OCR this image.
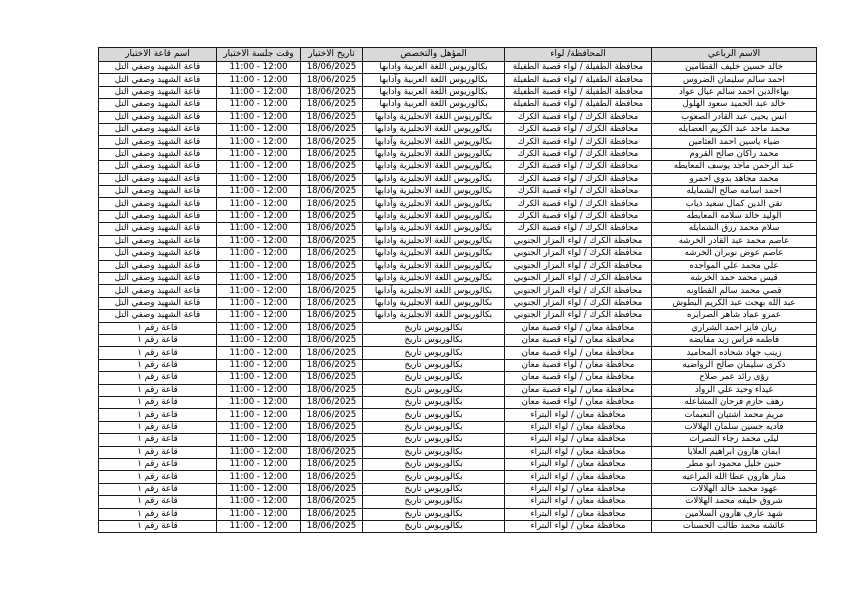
الاسم الرباعي	المحافظة/ لواء	المؤهل والتخصص	تاريخ الاختبار	وقت جلسة الاختبار	اسم قاعة الاختبار
خالد حسين خليف القطامين	محافظة الطفيلة / لواء قصبة الطفيلة	بكالوريوس اللغة العربية وآدابها	18/06/2025	11:00 - 12:00	قاعة الشهيد وصفي التل
احمد سالم سليمان الضروس	محافظة الطفيلة / لواء قصبة الطفيلة	بكالوريوس اللغة العربية وآدابها	18/06/2025	11:00 - 12:00	قاعة الشهيد وصفي التل
بهاءالدين احمد سالم عبال عواد	محافظة الطفيلة / لواء قصبة الطفيلة	بكالوريوس اللغة العربية وآدابها	18/06/2025	11:00 - 12:00	قاعة الشهيد وصفي التل
خالد عبد الحميد سعود الهلول	محافظة الطفيلة / لواء قصبة الطفيلة	بكالوريوس اللغة العربية وآدابها	18/06/2025	11:00 - 12:00	قاعة الشهيد وصفي التل
انس يحيى عبد القادر الصعوب	محافظة الكرك / لواء قصبة الكرك	بكالوريوس اللغة الانجليزية وآدابها	18/06/2025	11:00 - 12:00	قاعة الشهيد وصفي التل
محمد ماجد عبد الكريم العضايله	محافظة الكرك / لواء قصبة الكرك	بكالوريوس اللغة الانجليزية وآدابها	18/06/2025	11:00 - 12:00	قاعة الشهيد وصفي التل
ضياء ياسين احمد العثامين	محافظة الكرك / لواء قصبة الكرك	بكالوريوس اللغة الانجليزية وآدابها	18/06/2025	11:00 - 12:00	قاعة الشهيد وصفي التل
محمد راكان صالح القروم	محافظة الكرك / لواء قصبة الكرك	بكالوريوس اللغة الانجليزية وآدابها	18/06/2025	11:00 - 12:00	قاعة الشهيد وصفي التل
عبد الرحمن ماجد يوسف المعايطه	محافظة الكرك / لواء قصبة الكرك	بكالوريوس اللغة الانجليزية وآدابها	18/06/2025	11:00 - 12:00	قاعة الشهيد وصفي التل
محمد مجاهد بدوي احمرو	محافظة الكرك / لواء قصبة الكرك	بكالوريوس اللغة الانجليزية وآدابها	18/06/2025	11:00 - 12:00	قاعة الشهيد وصفي التل
احمد اسامه صالح الشمايله	محافظة الكرك / لواء قصبة الكرك	بكالوريوس اللغة الانجليزية وآدابها	18/06/2025	11:00 - 12:00	قاعة الشهيد وصفي التل
تقي الدين كمال سعيد ذياب	محافظة الكرك / لواء قصبة الكرك	بكالوريوس اللغة الانجليزية وآدابها	18/06/2025	11:00 - 12:00	قاعة الشهيد وصفي التل
الوليد خالد سلامه المعايطه	محافظة الكرك / لواء قصبة الكرك	بكالوريوس اللغة الانجليزية وآدابها	18/06/2025	11:00 - 12:00	قاعة الشهيد وصفي التل
سلام محمد رزق الشمايله	محافظة الكرك / لواء قصبة الكرك	بكالوريوس اللغة الانجليزية وآدابها	18/06/2025	11:00 - 12:00	قاعة الشهيد وصفي التل
عاصم محمد عبد القادر الخرشه	محافظة الكرك / لواء المزار الجنوبي	بكالوريوس اللغة الانجليزية وآدابها	18/06/2025	11:00 - 12:00	قاعة الشهيد وصفي التل
عاصم عوض نوبران الخرشه	محافظة الكرك / لواء المزار الجنوبي	بكالوريوس اللغة الانجليزية وآدابها	18/06/2025	11:00 - 12:00	قاعة الشهيد وصفي التل
علي محمد علي المواجده	محافظة الكرك / لواء المزار الجنوبي	بكالوريوس اللغة الانجليزية وآدابها	18/06/2025	11:00 - 12:00	قاعة الشهيد وصفي التل
قيس محمد حمد الخرشه	محافظة الكرك / لواء المزار الجنوبي	بكالوريوس اللغة الانجليزية وآدابها	18/06/2025	11:00 - 12:00	قاعة الشهيد وصفي التل
قصي محمد سالم القطاونه	محافظة الكرك / لواء المزار الجنوبي	بكالوريوس اللغة الانجليزية وآدابها	18/06/2025	11:00 - 12:00	قاعة الشهيد وصفي التل
عبد الله بهجت عبد الكريم البطوش	محافظة الكرك / لواء المزار الجنوبي	بكالوريوس اللغة الانجليزية وآدابها	18/06/2025	11:00 - 12:00	قاعة الشهيد وصفي التل
عمرو عماد شاهر الصرايره	محافظة الكرك / لواء المزار الجنوبي	بكالوريوس اللغة الانجليزية وآدابها	18/06/2025	11:00 - 12:00	قاعة الشهيد وصفي التل
ريان فايز احمد الشراري	محافظة معان / لواء قصبة معان	بكالوريوس تاريخ	18/06/2025	11:00 - 12:00	قاعة رقم ١
فاطمه فراس زيد مفايضه	محافظة معان / لواء قصبة معان	بكالوريوس تاريخ	18/06/2025	11:00 - 12:00	قاعة رقم ١
زينب جهاد شحاده المحاميد	محافظة معان / لواء قصبة معان	بكالوريوس تاريخ	18/06/2025	11:00 - 12:00	قاعة رقم ١
ذكرى سليمان صالح الرواضيه	محافظة معان / لواء قصبة معان	بكالوريوس تاريخ	18/06/2025	11:00 - 12:00	قاعة رقم ١
رؤى رائد عمر صلاح	محافظة معان / لواء قصبة معان	بكالوريوس تاريخ	18/06/2025	11:00 - 12:00	قاعة رقم ١
غيداء وحيد علي الرواد	محافظة معان / لواء قصبة معان	بكالوريوس تاريخ	18/06/2025	11:00 - 12:00	قاعة رقم ١
رهف حازم فرحان المشاعله	محافظة معان / لواء قصبة معان	بكالوريوس تاريخ	18/06/2025	11:00 - 12:00	قاعة رقم ١
مريم محمد اشتيان النعيمات	محافظة معان / لواء البتراء	بكالوريوس تاريخ	18/06/2025	11:00 - 12:00	قاعة رقم ١
فاديه حسين سلمان الهلالات	محافظة معان / لواء البتراء	بكالوريوس تاريخ	18/06/2025	11:00 - 12:00	قاعة رقم ١
ليلى محمد رجاء النصرات	محافظة معان / لواء البتراء	بكالوريوس تاريخ	18/06/2025	11:00 - 12:00	قاعة رقم ١
ايمان هارون ابراهيم العلايا	محافظة معان / لواء البتراء	بكالوريوس تاريخ	18/06/2025	11:00 - 12:00	قاعة رقم ١
حنين خليل محمود ابو مطر	محافظة معان / لواء البتراء	بكالوريوس تاريخ	18/06/2025	11:00 - 12:00	قاعة رقم ١
منار هارون عطا الله المراعيه	محافظة معان / لواء البتراء	بكالوريوس تاريخ	18/06/2025	11:00 - 12:00	قاعة رقم ١
عهود محمد خالد الهلالات	محافظة معان / لواء البتراء	بكالوريوس تاريخ	18/06/2025	11:00 - 12:00	قاعة رقم ١
شروق خليفه محمد الهلالات	محافظة معان / لواء البتراء	بكالوريوس تاريخ	18/06/2025	11:00 - 12:00	قاعة رقم ١
شهد عارف هارون السلامين	محافظة معان / لواء البتراء	بكالوريوس تاريخ	18/06/2025	11:00 - 12:00	قاعة رقم ١
عائشه محمد طالب الحسنات	محافظة معان / لواء البتراء	بكالوريوس تاريخ	18/06/2025	11:00 - 12:00	قاعة رقم ١
